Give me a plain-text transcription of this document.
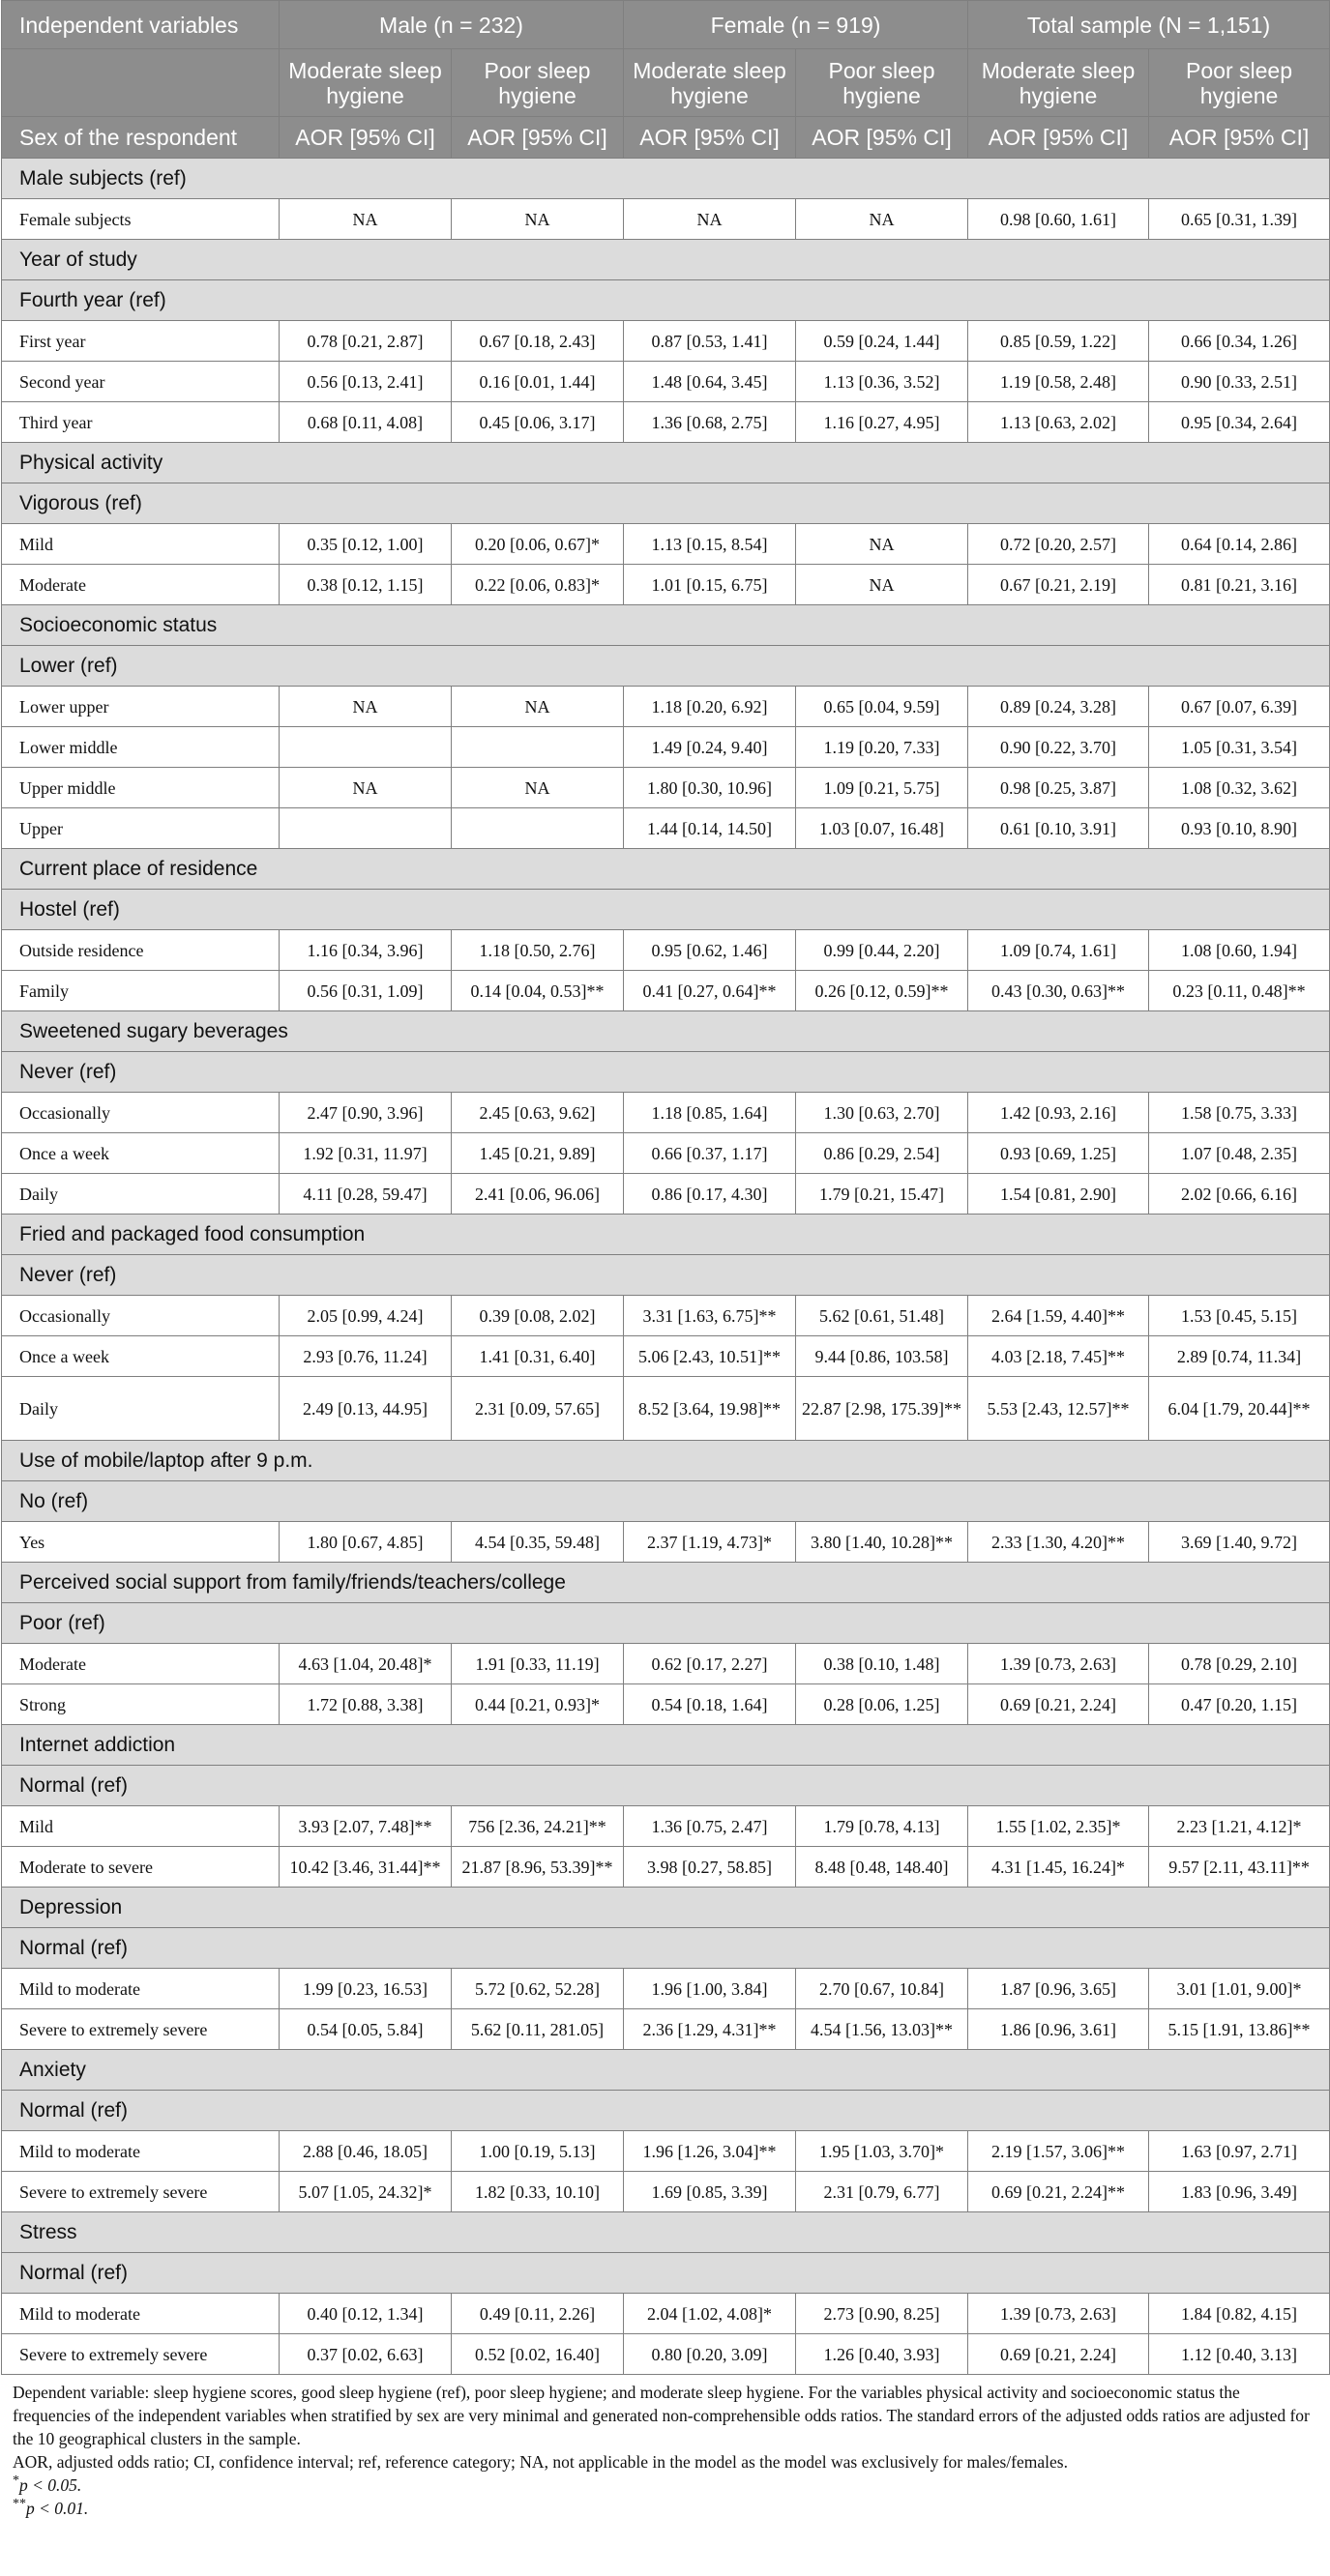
Independent variables	Male (n = 232)		Female (n = 919)		Total sample (N = 1,151)	
	Moderate sleep hygiene	Poor sleep hygiene	Moderate sleep hygiene	Poor sleep hygiene	Moderate sleep hygiene	Poor sleep hygiene
Sex of the respondent	AOR [95% CI]	AOR [95% CI]	AOR [95% CI]	AOR [95% CI]	AOR [95% CI]	AOR [95% CI]
Male subjects (ref)						
Female subjects	NA	NA	NA	NA	0.98 [0.60, 1.61]	0.65 [0.31, 1.39]
Year of study						
Fourth year (ref)						
First year	0.78 [0.21, 2.87]	0.67 [0.18, 2.43]	0.87 [0.53, 1.41]	0.59 [0.24, 1.44]	0.85 [0.59, 1.22]	0.66 [0.34, 1.26]
Second year	0.56 [0.13, 2.41]	0.16 [0.01, 1.44]	1.48 [0.64, 3.45]	1.13 [0.36, 3.52]	1.19 [0.58, 2.48]	0.90 [0.33, 2.51]
Third year	0.68 [0.11, 4.08]	0.45 [0.06, 3.17]	1.36 [0.68, 2.75]	1.16 [0.27, 4.95]	1.13 [0.63, 2.02]	0.95 [0.34, 2.64]
Physical activity						
Vigorous (ref)						
Mild	0.35 [0.12, 1.00]	0.20 [0.06, 0.67]*	1.13 [0.15, 8.54]	NA	0.72 [0.20, 2.57]	0.64 [0.14, 2.86]
Moderate	0.38 [0.12, 1.15]	0.22 [0.06, 0.83]*	1.01 [0.15, 6.75]	NA	0.67 [0.21, 2.19]	0.81 [0.21, 3.16]
Socioeconomic status						
Lower (ref)						
Lower upper	NA	NA	1.18 [0.20, 6.92]	0.65 [0.04, 9.59]	0.89 [0.24, 3.28]	0.67 [0.07, 6.39]
Lower middle			1.49 [0.24, 9.40]	1.19 [0.20, 7.33]	0.90 [0.22, 3.70]	1.05 [0.31, 3.54]
Upper middle	NA	NA	1.80 [0.30, 10.96]	1.09 [0.21, 5.75]	0.98 [0.25, 3.87]	1.08 [0.32, 3.62]
Upper			1.44 [0.14, 14.50]	1.03 [0.07, 16.48]	0.61 [0.10, 3.91]	0.93 [0.10, 8.90]
Current place of residence						
Hostel (ref)						
Outside residence	1.16 [0.34, 3.96]	1.18 [0.50, 2.76]	0.95 [0.62, 1.46]	0.99 [0.44, 2.20]	1.09 [0.74, 1.61]	1.08 [0.60, 1.94]
Family	0.56 [0.31, 1.09]	0.14 [0.04, 0.53]**	0.41 [0.27, 0.64]**	0.26 [0.12, 0.59]**	0.43 [0.30, 0.63]**	0.23 [0.11, 0.48]**
Sweetened sugary beverages						
Never (ref)						
Occasionally	2.47 [0.90, 3.96]	2.45 [0.63, 9.62]	1.18 [0.85, 1.64]	1.30 [0.63, 2.70]	1.42 [0.93, 2.16]	1.58 [0.75, 3.33]
Once a week	1.92 [0.31, 11.97]	1.45 [0.21, 9.89]	0.66 [0.37, 1.17]	0.86 [0.29, 2.54]	0.93 [0.69, 1.25]	1.07 [0.48, 2.35]
Daily	4.11 [0.28, 59.47]	2.41 [0.06, 96.06]	0.86 [0.17, 4.30]	1.79 [0.21, 15.47]	1.54 [0.81, 2.90]	2.02 [0.66, 6.16]
Fried and packaged food consumption						
Never (ref)						
Occasionally	2.05 [0.99, 4.24]	0.39 [0.08, 2.02]	3.31 [1.63, 6.75]**	5.62 [0.61, 51.48]	2.64 [1.59, 4.40]**	1.53 [0.45, 5.15]
Once a week	2.93 [0.76, 11.24]	1.41 [0.31, 6.40]	5.06 [2.43, 10.51]**	9.44 [0.86, 103.58]	4.03 [2.18, 7.45]**	2.89 [0.74, 11.34]
Daily	2.49 [0.13, 44.95]	2.31 [0.09, 57.65]	8.52 [3.64, 19.98]**	22.87 [2.98, 175.39]**	5.53 [2.43, 12.57]**	6.04 [1.79, 20.44]**
Use of mobile/laptop after 9 p.m.						
No (ref)						
Yes	1.80 [0.67, 4.85]	4.54 [0.35, 59.48]	2.37 [1.19, 4.73]*	3.80 [1.40, 10.28]**	2.33 [1.30, 4.20]**	3.69 [1.40, 9.72]
Perceived social support from family/friends/teachers/college						
Poor (ref)						
Moderate	4.63 [1.04, 20.48]*	1.91 [0.33, 11.19]	0.62 [0.17, 2.27]	0.38 [0.10, 1.48]	1.39 [0.73, 2.63]	0.78 [0.29, 2.10]
Strong	1.72 [0.88, 3.38]	0.44 [0.21, 0.93]*	0.54 [0.18, 1.64]	0.28 [0.06, 1.25]	0.69 [0.21, 2.24]	0.47 [0.20, 1.15]
Internet addiction						
Normal (ref)						
Mild	3.93 [2.07, 7.48]**	756 [2.36, 24.21]**	1.36 [0.75, 2.47]	1.79 [0.78, 4.13]	1.55 [1.02, 2.35]*	2.23 [1.21, 4.12]*
Moderate to severe	10.42 [3.46, 31.44]**	21.87 [8.96, 53.39]**	3.98 [0.27, 58.85]	8.48 [0.48, 148.40]	4.31 [1.45, 16.24]*	9.57 [2.11, 43.11]**
Depression						
Normal (ref)						
Mild to moderate	1.99 [0.23, 16.53]	5.72 [0.62, 52.28]	1.96 [1.00, 3.84]	2.70 [0.67, 10.84]	1.87 [0.96, 3.65]	3.01 [1.01, 9.00]*
Severe to extremely severe	0.54 [0.05, 5.84]	5.62 [0.11, 281.05]	2.36 [1.29, 4.31]**	4.54 [1.56, 13.03]**	1.86 [0.96, 3.61]	5.15 [1.91, 13.86]**
Anxiety						
Normal (ref)						
Mild to moderate	2.88 [0.46, 18.05]	1.00 [0.19, 5.13]	1.96 [1.26, 3.04]**	1.95 [1.03, 3.70]*	2.19 [1.57, 3.06]**	1.63 [0.97, 2.71]
Severe to extremely severe	5.07 [1.05, 24.32]*	1.82 [0.33, 10.10]	1.69 [0.85, 3.39]	2.31 [0.79, 6.77]	0.69 [0.21, 2.24]**	1.83 [0.96, 3.49]
Stress						
Normal (ref)						
Mild to moderate	0.40 [0.12, 1.34]	0.49 [0.11, 2.26]	2.04 [1.02, 4.08]*	2.73 [0.90, 8.25]	1.39 [0.73, 2.63]	1.84 [0.82, 4.15]
Severe to extremely severe	0.37 [0.02, 6.63]	0.52 [0.02, 16.40]	0.80 [0.20, 3.09]	1.26 [0.40, 3.93]	0.69 [0.21, 2.24]	1.12 [0.40, 3.13]

Dependent variable: sleep hygiene scores, good sleep hygiene (ref), poor sleep hygiene; and moderate sleep hygiene. For the variables physical activity and socioeconomic status the frequencies of the independent variables when stratified by sex are very minimal and generated non-comprehensible odds ratios. The standard errors of the adjusted odds ratios are adjusted for the 10 geographical clusters in the sample.

AOR, adjusted odds ratio; CI, confidence interval; ref, reference category; NA, not applicable in the model as the model was exclusively for males/females.

*p < 0.05.

**p < 0.01.
